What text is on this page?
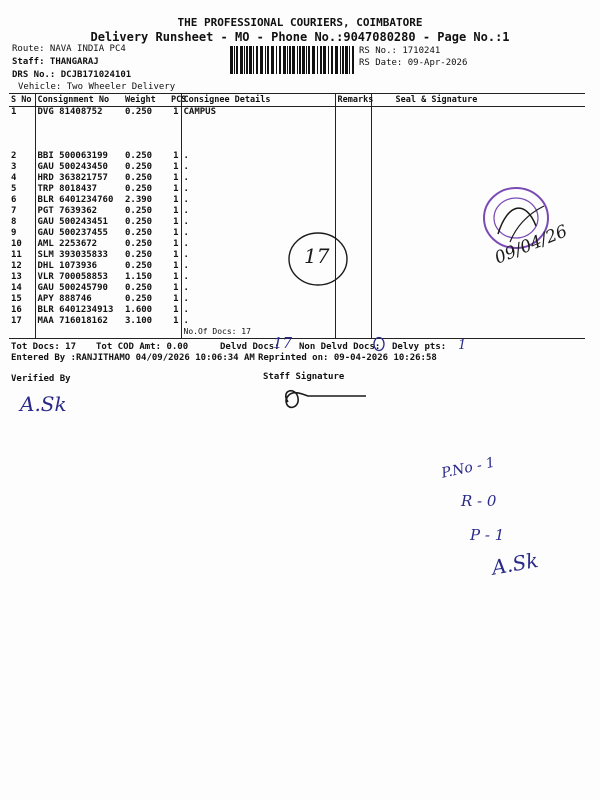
THE PROFESSIONAL COURIERS, COIMBATORE
Delivery Runsheet - MO - Phone No.:9047080280 - Page No.:1
Route: NAVA INDIA PC4
Staff: THANGARAJ
DRS No.: DCJB171024101
Vehicle: Two Wheeler Delivery
RS No.: 1710241
RS Date: 09-Apr-2026
S No	Consignment No	Weight	PCS	Consignee Details	Remarks	Seal & Signature
1	DVG 81408752	0.250	1	CAMPUS		

2	BBI 500063199	0.250	1	.		
3	GAU 500243450	0.250	1	.		
4	HRD 363821757	0.250	1	.		
5	TRP 8018437	0.250	1	.		
6	BLR 6401234760	2.390	1	.		
7	PGT 7639362	0.250	1	.		
8	GAU 500243451	0.250	1	.		
9	GAU 500237455	0.250	1	.		
10	AML 2253672	0.250	1	.		
11	SLM 393035833	0.250	1	.		
12	DHL 1073936	0.250	1	.		
13	VLR 700058853	1.150	1	.		
14	GAU 500245790	0.250	1	.		
15	APY 888746	0.250	1	.		
16	BLR 6401234913	1.600	1	.		
17	MAA 716018162	3.100	1	.		
				No.Of Docs: 17		
Tot Docs: 17 Tot COD Amt: 0.00	Delvd Docs: Non Delvd Docs: Delvy pts:
Entered By :RANJITHAMO 04/09/2026 10:06:34 AM Reprinted on: 09-04-2026 10:26:58
Verified By	Staff Signature
17	1
17	09/04/26
A.Sk
P.No - 1
R - 0
P - 1
A.Sk
